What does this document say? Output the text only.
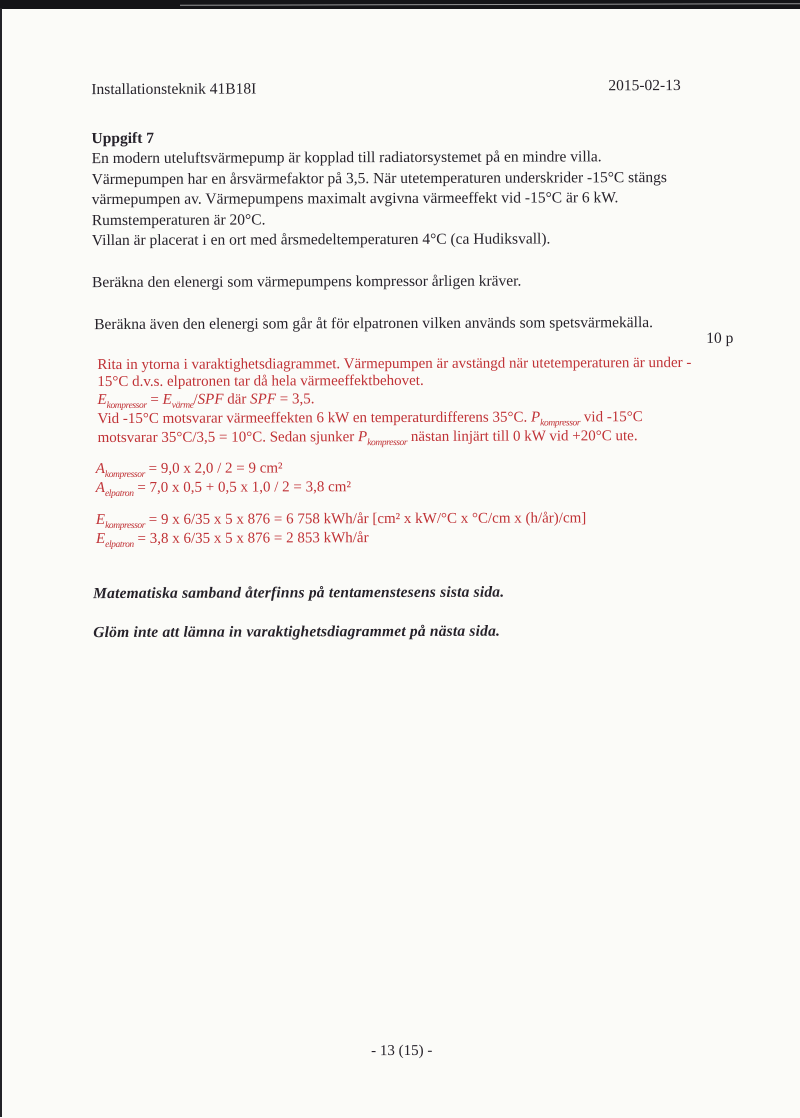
Installationsteknik 41B18I	2015-02-13
Uppgift 7
En modern uteluftsvärmepump är kopplad till radiatorsystemet på en mindre villa.
Värmepumpen har en årsvärmefaktor på 3,5. När utetemperaturen underskrider -15°C stängs
värmepumpen av. Värmepumpens maximalt avgivna värmeeffekt vid -15°C är 6 kW.
Rumstemperaturen är 20°C.
Villan är placerat i en ort med årsmedeltemperaturen 4°C (ca Hudiksvall).
Beräkna den elenergi som värmepumpens kompressor årligen kräver.
Beräkna även den elenergi som går åt för elpatronen vilken används som spetsvärmekälla.
10 p
Rita in ytorna i varaktighetsdiagrammet. Värmepumpen är avstängd när utetemperaturen är under -
15°C d.v.s. elpatronen tar då hela värmeeffektbehovet.
$E_{kompressor} = E_{värme}/SPF$ där SPF = 3,5.
Vid -15°C motsvarar värmeeffekten 6 kW en temperaturdifferens 35°C. $P_{kompressor}$ vid -15°C
motsvarar 35°C/3,5 = 10°C. Sedan sjunker $P_{kompressor}$ nästan linjärt till 0 kW vid +20°C ute.
$A_{kompressor} = 9,0$ x 2,0 / 2 = 9 cm²
$A_{elpatron} = 7,0$ x 0,5 + 0,5 x 1,0 / 2 = 3,8 cm²
$E_{kompressor} = 9$ x 6/35 x 5 x 876 = 6 758 kWh/år [cm² x kW/°C x °C/cm x (h/år)/cm]
$E_{elpatron} = 3,8$ x 6/35 x 5 x 876 = 2 853 kWh/år
Matematiska samband återfinns på tentamenstesens sista sida.
Glöm inte att lämna in varaktighetsdiagrammet på nästa sida.
- 13 (15) -
